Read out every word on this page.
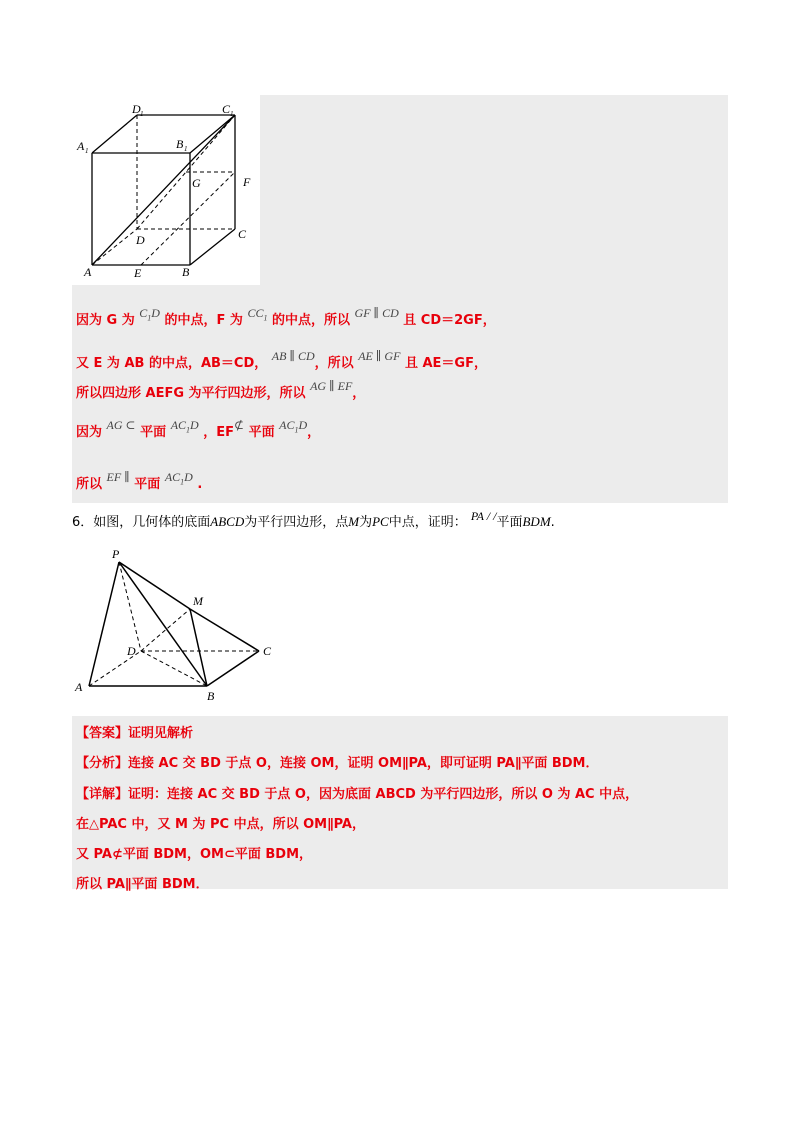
D 1	C 1
A 1	B 1
G	F
D	C
A	E	B
因为 G 为 $C_1D$ 的中点，F 为 $CC_1$ 的中点，所以 GF ∥ CD 且 CD＝2GF，
又 E 为 AB 的中点，AB＝CD， AB ∥ CD，所以 AE ∥ GF 且 AE＝GF，
所以四边形 AEFG 为平行四边形，所以 AG ∥ EF，
因为 AG ⊂ 平面 $AC_1D$ ，EF⊄ 平面 $AC_1D$，
所以 EF ∥ 平面 $AC_1D$ .
6．如图，几何体的底面ABCD为平行四边形，点M为PC中点，证明： PA / /平面BDM.
P
M
D	C
A
B
【答案】证明见解析
【分析】连接 AC 交 BD 于点 O，连接 OM，证明 OM∥PA，即可证明 PA∥平面 BDM．
【详解】证明：连接 AC 交 BD 于点 O，因为底面 ABCD 为平行四边形，所以 O 为 AC 中点，
在△PAC 中，又 M 为 PC 中点，所以 OM∥PA，
又 PA⊄平面 BDM，OM⊂平面 BDM，
所以 PA∥平面 BDM．
